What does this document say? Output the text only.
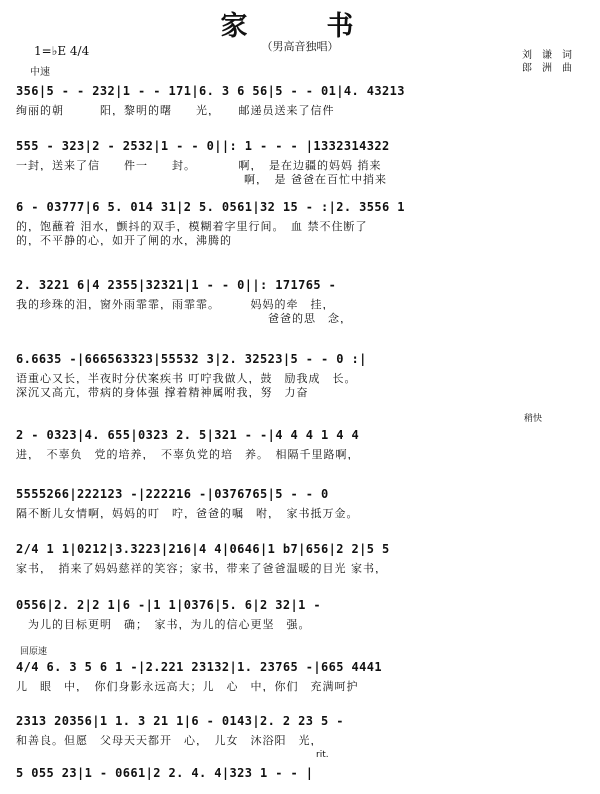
家　书
（男高音独唱）
1=♭E 4/4
中速
刘　谦　词
郎　洲　曲
稍快
回原速
rit.
356|5 - - 232|1 - - 171|6. 3 6 56|5 - - 01|4. 43213
绚丽的朝　　　阳，黎明的曙　　光，　　邮递员送来了信件
555 - 323|2 - 2532|1 - - 0||: 1 - - - |1332314322
一封，送来了信　　件一　　封。　　　　啊，　是在边疆的妈妈 捎来
　　　　　　　　　　　　　　　　　　　啊，　是 爸爸在百忙中捎来
6 - 03777|6 5. 014 31|2 5. 0561|32 15 - :|2. 3556 1
的，饱蘸着 泪水，颤抖的双手，模糊着字里行间。　血 禁不住断了
的，不平静的心，如开了闸的水，沸腾的
2. 3221 6|4 2355|32321|1 - - 0||: 171765 -
我的珍珠的泪，窗外雨霏霏，雨霏霏。　　　妈妈的牵　挂，
　　　　　　　　　　　　　　　　　　　　　爸爸的思　念，
6.6635 -|666563323|55532 3|2. 32523|5 - - 0 :|
语重心又长，半夜时分伏案疾书 叮咛我做人，鼓　励我成　长。
深沉又高亢，带病的身体强 撑着精神属咐我，努　力奋
2 - 0323|4. 655|0323 2. 5|321 - -|4 4 4 1 4 4
进，　不辜负　党的培养，　不辜负党的培　养。　相隔千里路啊，
5555266|222123 -|222216 -|0376765|5 - - 0
隔不断儿女情啊，妈妈的叮　咛，爸爸的嘱　咐，　家书抵万金。
2/4 1 1|0212|3.3223|216|4 4|0646|1 b7|656|2 2|5 5
家书，　捎来了妈妈慈祥的笑容；家书，带来了爸爸温暖的目光 家书，
0556|2. 2|2 1|6 -|1 1|0376|5. 6|2 32|1 -
　为儿的目标更明　确；　家书，为儿的信心更坚　强。
4/4 6. 3 5 6 1 -|2.221 23132|1. 23765 -|665 4441
儿　眼　中，　你们身影永远高大；儿　心　中，你们　充满呵护
2313 20356|1 1. 3 21 1|6 - 0143|2. 2 23 5 -
和善良。但愿　父母天天都开　心，　儿女　沐浴阳　光，
5 055 23|1 - 0661|2 2. 4. 4|323 1 - - |
